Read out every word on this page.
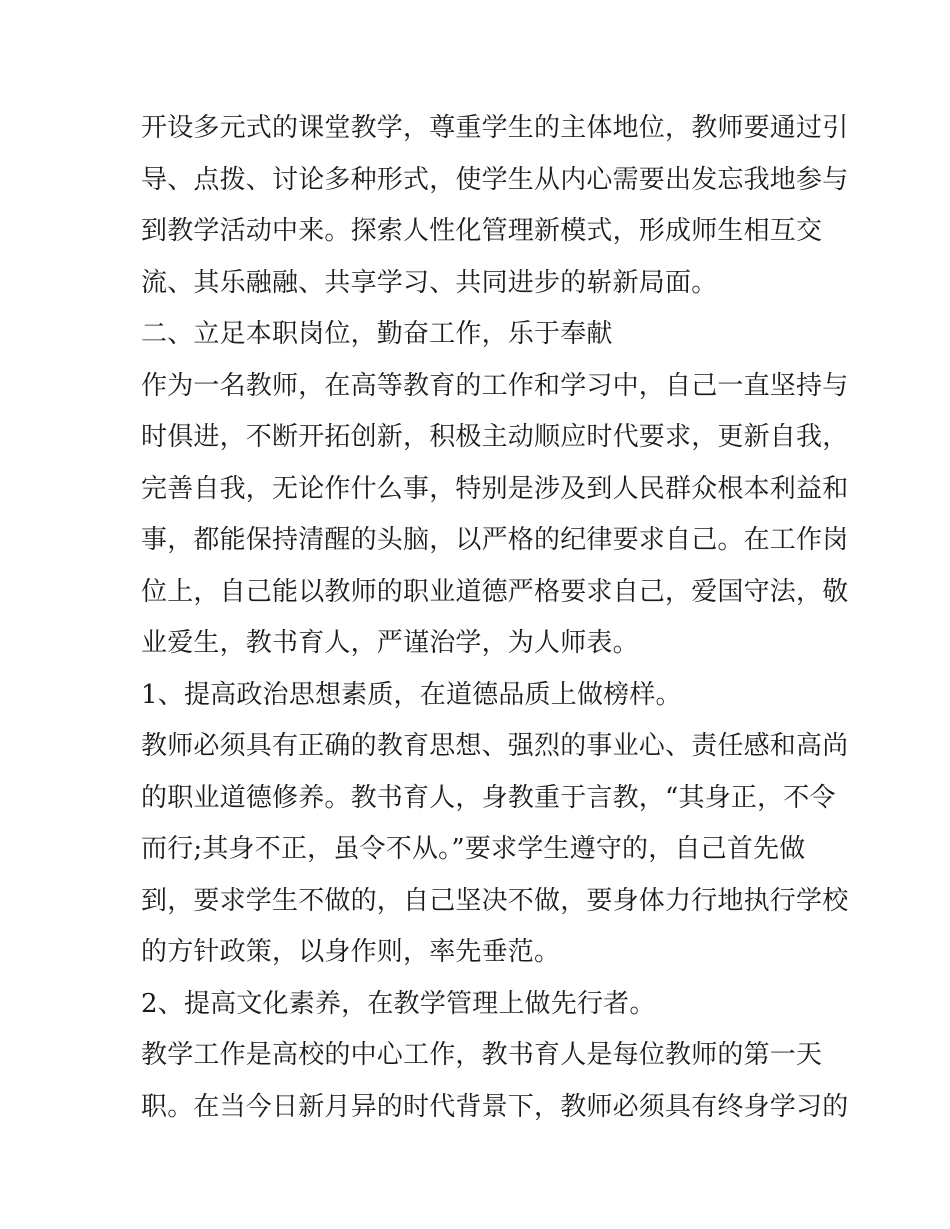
开设多元式的课堂教学，尊重学生的主体地位，教师要通过引
导、点拨、讨论多种形式，使学生从内心需要出发忘我地参与
到教学活动中来。探索人性化管理新模式，形成师生相互交
流、其乐融融、共享学习、共同进步的崭新局面。
二、立足本职岗位，勤奋工作，乐于奉献
作为一名教师，在高等教育的工作和学习中，自己一直坚持与
时俱进，不断开拓创新，积极主动顺应时代要求，更新自我，
完善自我，无论作什么事，特别是涉及到人民群众根本利益和
事，都能保持清醒的头脑，以严格的纪律要求自己。在工作岗
位上，自己能以教师的职业道德严格要求自己，爱国守法，敬
业爱生，教书育人，严谨治学，为人师表。
1、提高政治思想素质，在道德品质上做榜样。
教师必须具有正确的教育思想、强烈的事业心、责任感和高尚
的职业道德修养。教书育人，身教重于言教，“其身正，不令
而行;其身不正，虽令不从。”要求学生遵守的，自己首先做
到，要求学生不做的，自己坚决不做，要身体力行地执行学校
的方针政策，以身作则，率先垂范。
2、提高文化素养，在教学管理上做先行者。
教学工作是高校的中心工作，教书育人是每位教师的第一天
职。在当今日新月异的时代背景下，教师必须具有终身学习的
